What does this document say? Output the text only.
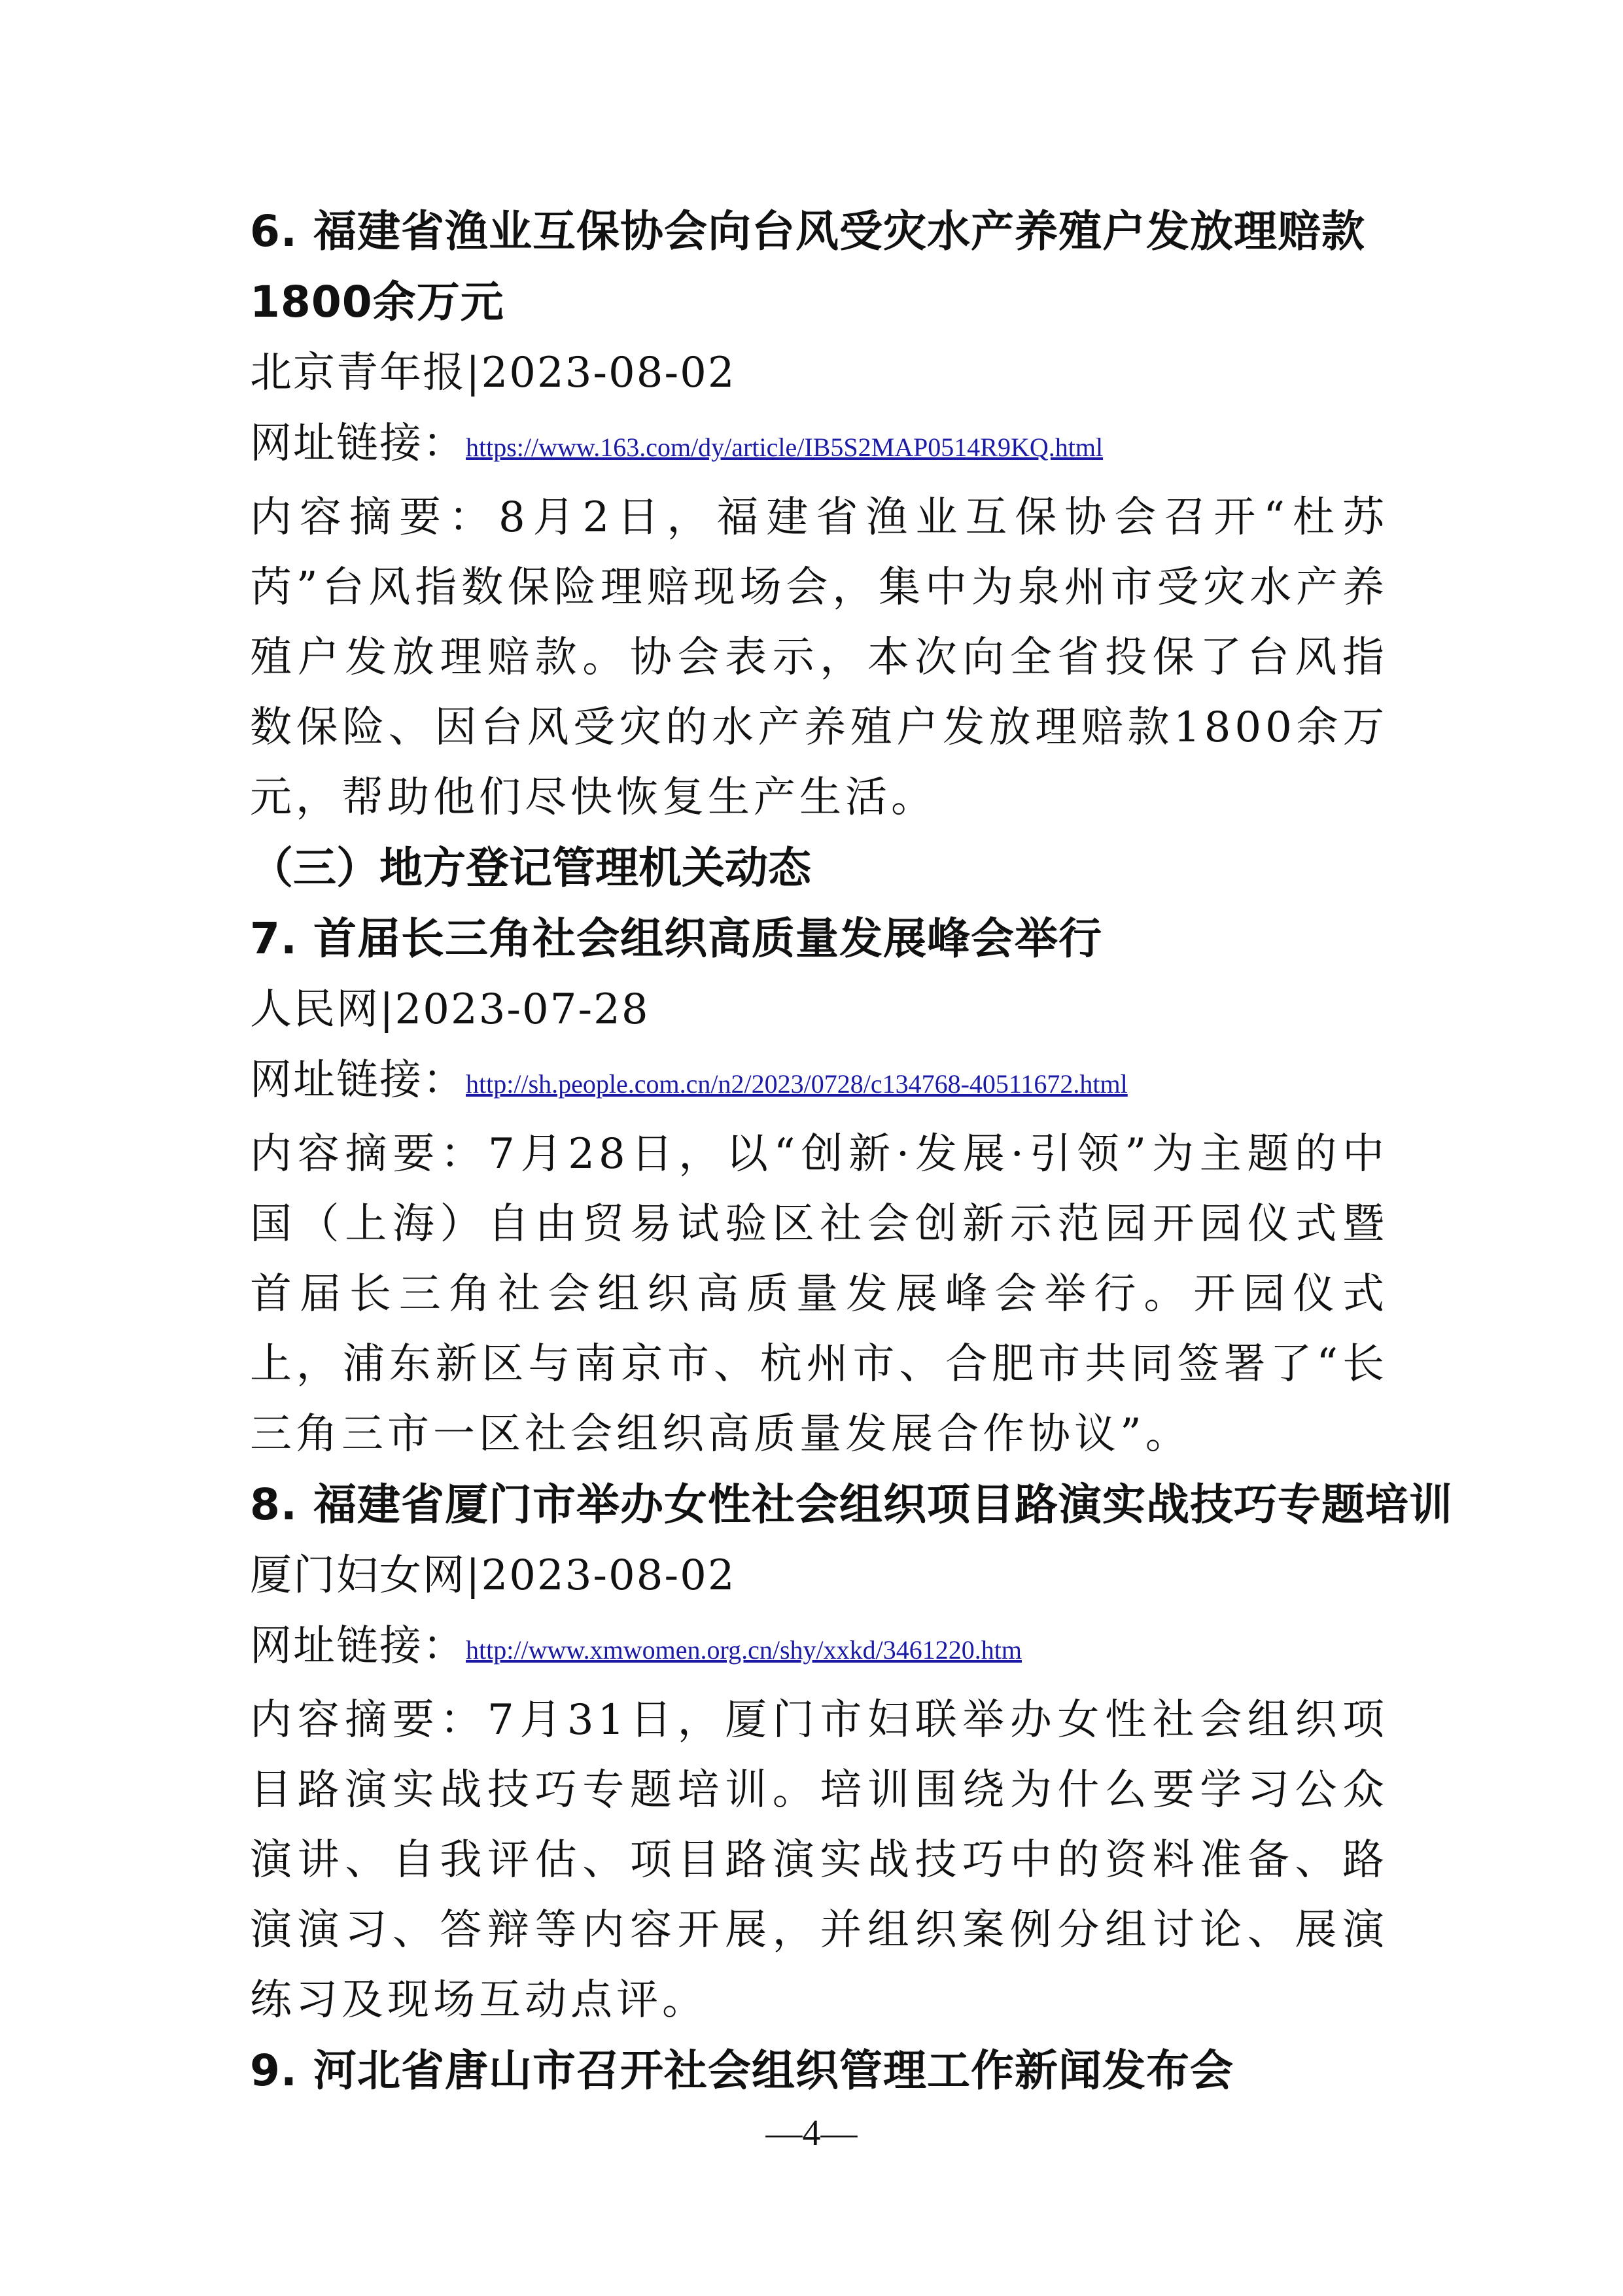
6. 福建省渔业互保协会向台风受灾水产养殖户发放理赔款1800余万元

北京青年报|2023-08-02

网址链接：https://www.163.com/dy/article/IB5S2MAP0514R9KQ.html

内容摘要：8月2日，福建省渔业互保协会召开“杜苏芮”台风指数保险理赔现场会，集中为泉州市受灾水产养殖户发放理赔款。协会表示，本次向全省投保了台风指数保险、因台风受灾的水产养殖户发放理赔款1800余万元，帮助他们尽快恢复生产生活。

（三）地方登记管理机关动态
7. 首届长三角社会组织高质量发展峰会举行

人民网|2023-07-28

网址链接：http://sh.people.com.cn/n2/2023/0728/c134768-40511672.html

内容摘要：7月28日，以“创新·发展·引领”为主题的中国（上海）自由贸易试验区社会创新示范园开园仪式暨首届长三角社会组织高质量发展峰会举行。开园仪式上，浦东新区与南京市、杭州市、合肥市共同签署了“长三角三市一区社会组织高质量发展合作协议”。

8. 福建省厦门市举办女性社会组织项目路演实战技巧专题培训

厦门妇女网|2023-08-02

网址链接：http://www.xmwomen.org.cn/shy/xxkd/3461220.htm

内容摘要：7月31日，厦门市妇联举办女性社会组织项目路演实战技巧专题培训。培训围绕为什么要学习公众演讲、自我评估、项目路演实战技巧中的资料准备、路演演习、答辩等内容开展，并组织案例分组讨论、展演练习及现场互动点评。

9. 河北省唐山市召开社会组织管理工作新闻发布会
—4—
